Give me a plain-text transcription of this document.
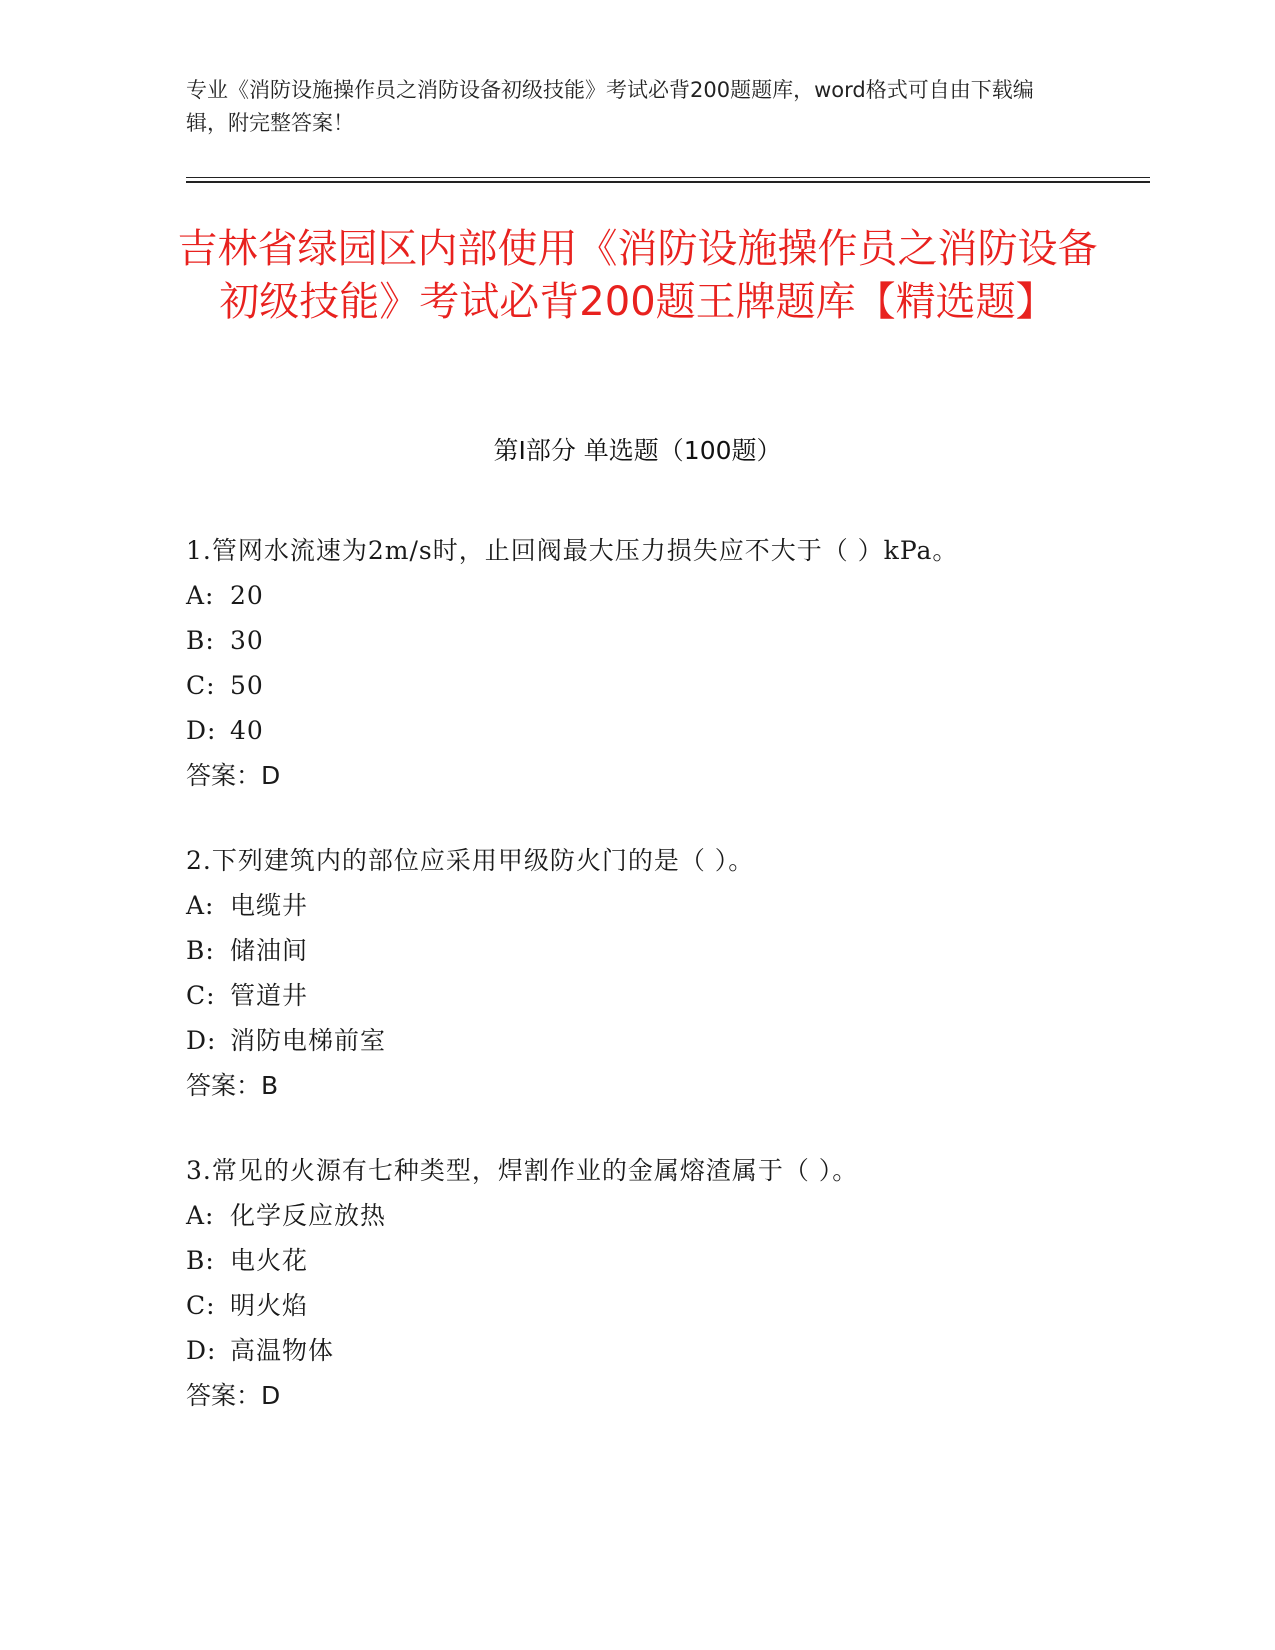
专业《消防设施操作员之消防设备初级技能》考试必背200题题库，word格式可自由下载编辑，附完整答案！
吉林省绿园区内部使用《消防设施操作员之消防设备初级技能》考试必背200题王牌题库【精选题】
第I部分 单选题（100题）
1.管网水流速为2m/s时，止回阀最大压力损失应不大于（ ）kPa。
A: 20
B: 30
C: 50
D: 40
答案：D
2.下列建筑内的部位应采用甲级防火门的是（ ）。
A: 电缆井
B: 储油间
C: 管道井
D: 消防电梯前室
答案：B
3.常见的火源有七种类型，焊割作业的金属熔渣属于（ ）。
A: 化学反应放热
B: 电火花
C: 明火焰
D: 高温物体
答案：D
